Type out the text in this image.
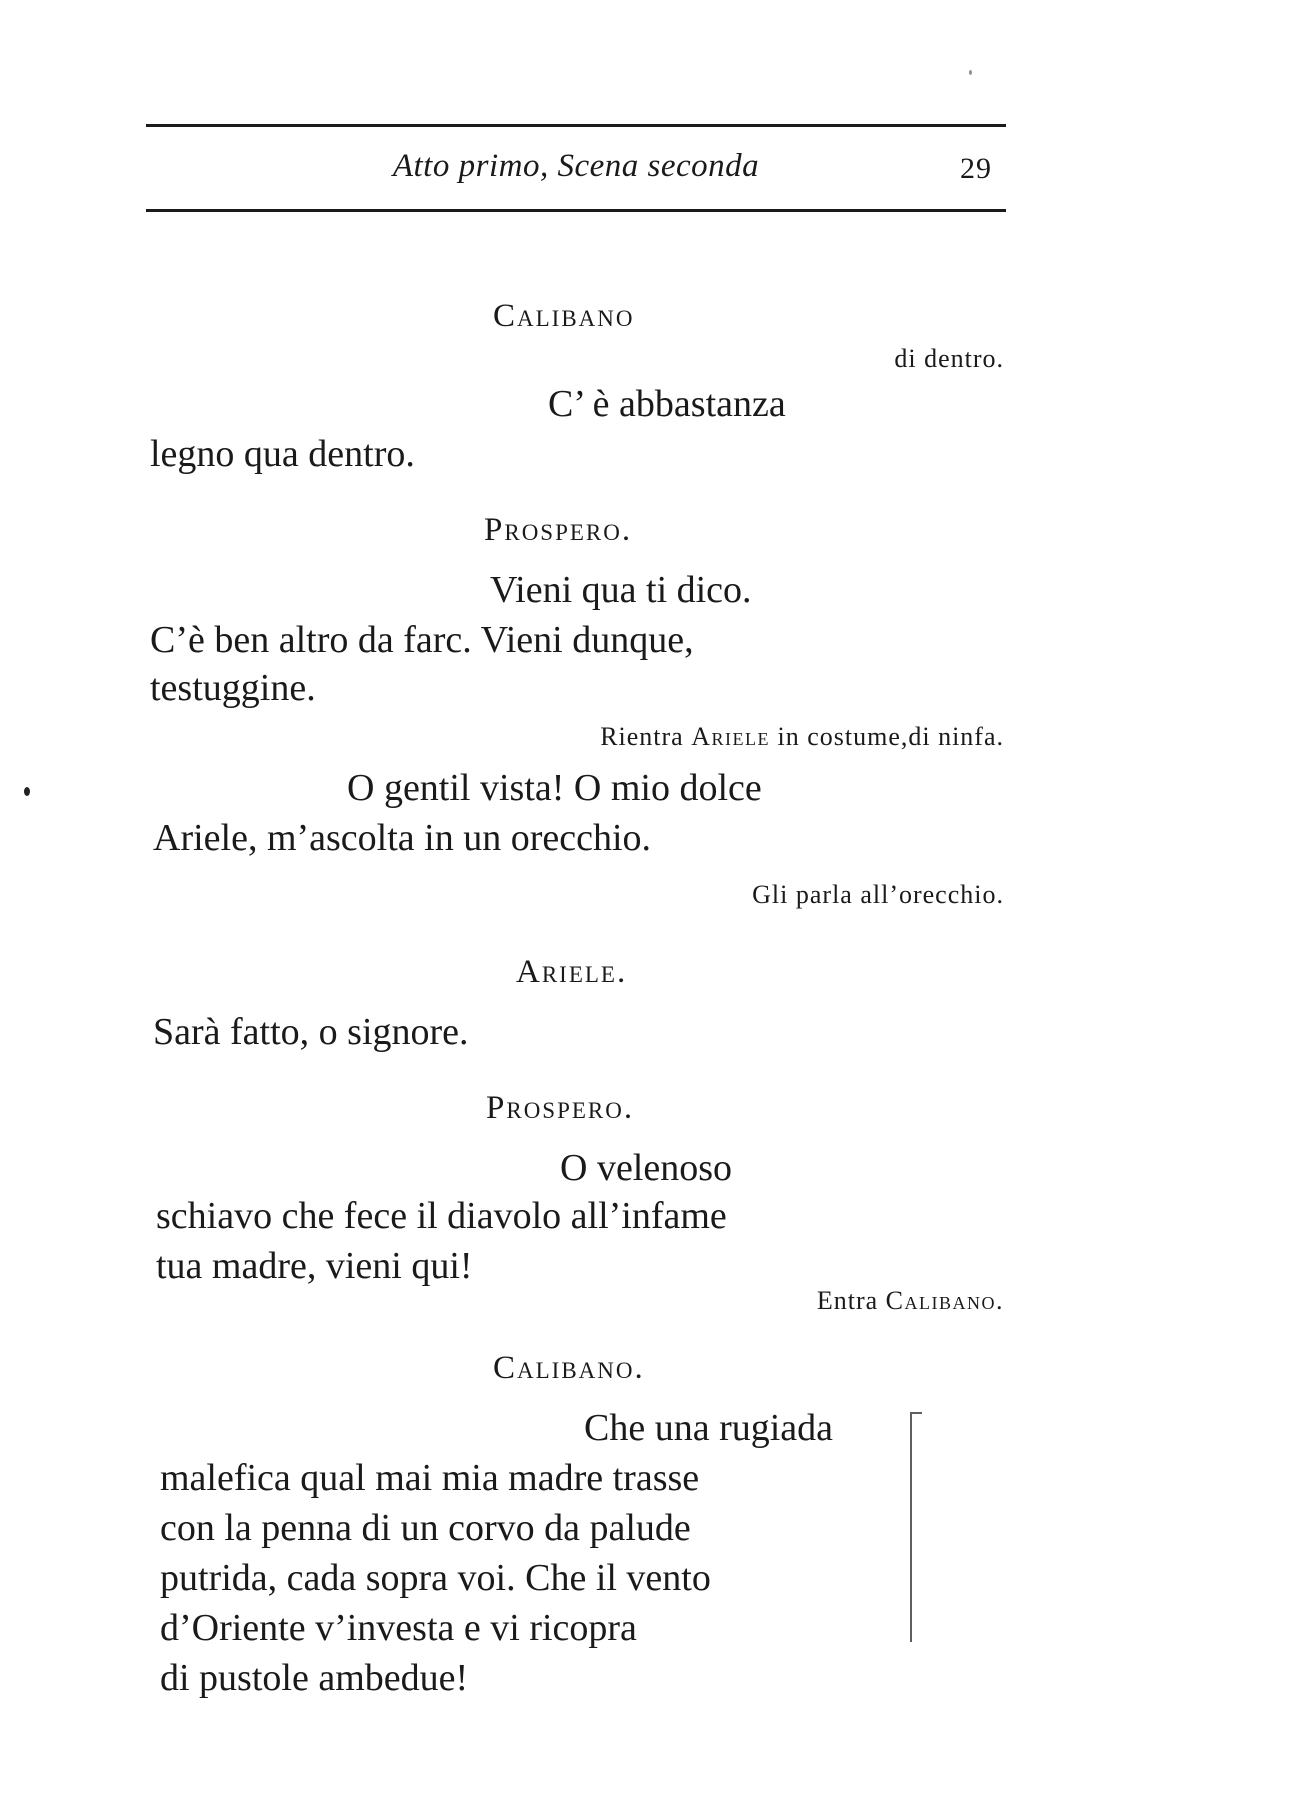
Atto primo, Scena seconda	29
Calibano
di dentro.
C’ è abbastanza
legno qua dentro.
Prospero.
Vieni qua ti dico.
C’è ben altro da farc. Vieni dunque,
testuggine.
Rientra Ariele in costume,di ninfa.
O gentil vista! O mio dolce
Ariele, m’ascolta in un orecchio.
Gli parla all’orecchio.
Ariele.
Sarà fatto, o signore.
Prospero.
O velenoso
schiavo che fece il diavolo all’infame
tua madre, vieni qui!
Entra Calibano.
Calibano.
Che una rugiada
malefica qual mai mia madre trasse
con la penna di un corvo da palude
putrida, cada sopra voi. Che il vento
d’Oriente v’investa e vi ricopra
di pustole ambedue!
